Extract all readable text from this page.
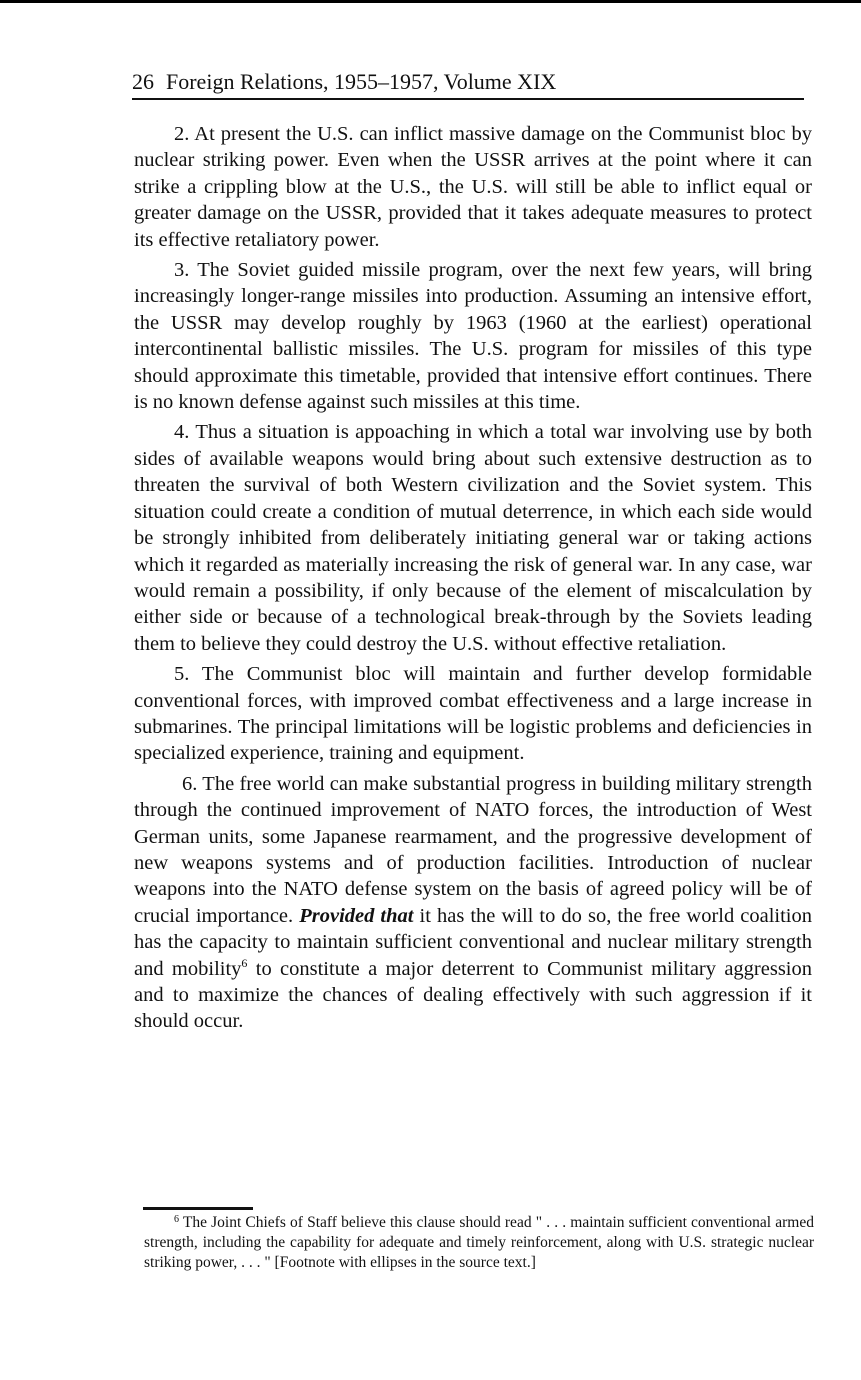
26 Foreign Relations, 1955–1957, Volume XIX

2. At present the U.S. can inflict massive damage on the Communist bloc by nuclear striking power. Even when the USSR arrives at the point where it can strike a crippling blow at the U.S., the U.S. will still be able to inflict equal or greater damage on the USSR, provided that it takes adequate measures to protect its effective retaliatory power.

3. The Soviet guided missile program, over the next few years, will bring increasingly longer-range missiles into production. Assuming an intensive effort, the USSR may develop roughly by 1963 (1960 at the earliest) operational intercontinental ballistic missiles. The U.S. program for missiles of this type should approximate this timetable, provided that intensive effort continues. There is no known defense against such missiles at this time.

4. Thus a situation is appoaching in which a total war involving use by both sides of available weapons would bring about such extensive destruction as to threaten the survival of both Western civilization and the Soviet system. This situation could create a condition of mutual deterrence, in which each side would be strongly inhibited from deliberately initiating general war or taking actions which it regarded as materially increasing the risk of general war. In any case, war would remain a possibility, if only because of the element of miscalculation by either side or because of a technological break-through by the Soviets leading them to believe they could destroy the U.S. without effective retaliation.

5. The Communist bloc will maintain and further develop formidable conventional forces, with improved combat effectiveness and a large increase in submarines. The principal limitations will be logistic problems and deficiencies in specialized experience, training and equipment.

6. The free world can make substantial progress in building military strength through the continued improvement of NATO forces, the introduction of West German units, some Japanese rearmament, and the progressive development of new weapons systems and of production facilities. Introduction of nuclear weapons into the NATO defense system on the basis of agreed policy will be of crucial importance. Provided that it has the will to do so, the free world coalition has the capacity to maintain sufficient conventional and nuclear military strength and mobility$^6$ to constitute a major deterrent to Communist military aggression and to maximize the chances of dealing effectively with such aggression if it should occur.

$^6$ The Joint Chiefs of Staff believe this clause should read " . . . maintain sufficient conventional armed strength, including the capability for adequate and timely reinforcement, along with U.S. strategic nuclear striking power, . . . " [Footnote with ellipses in the source text.]
